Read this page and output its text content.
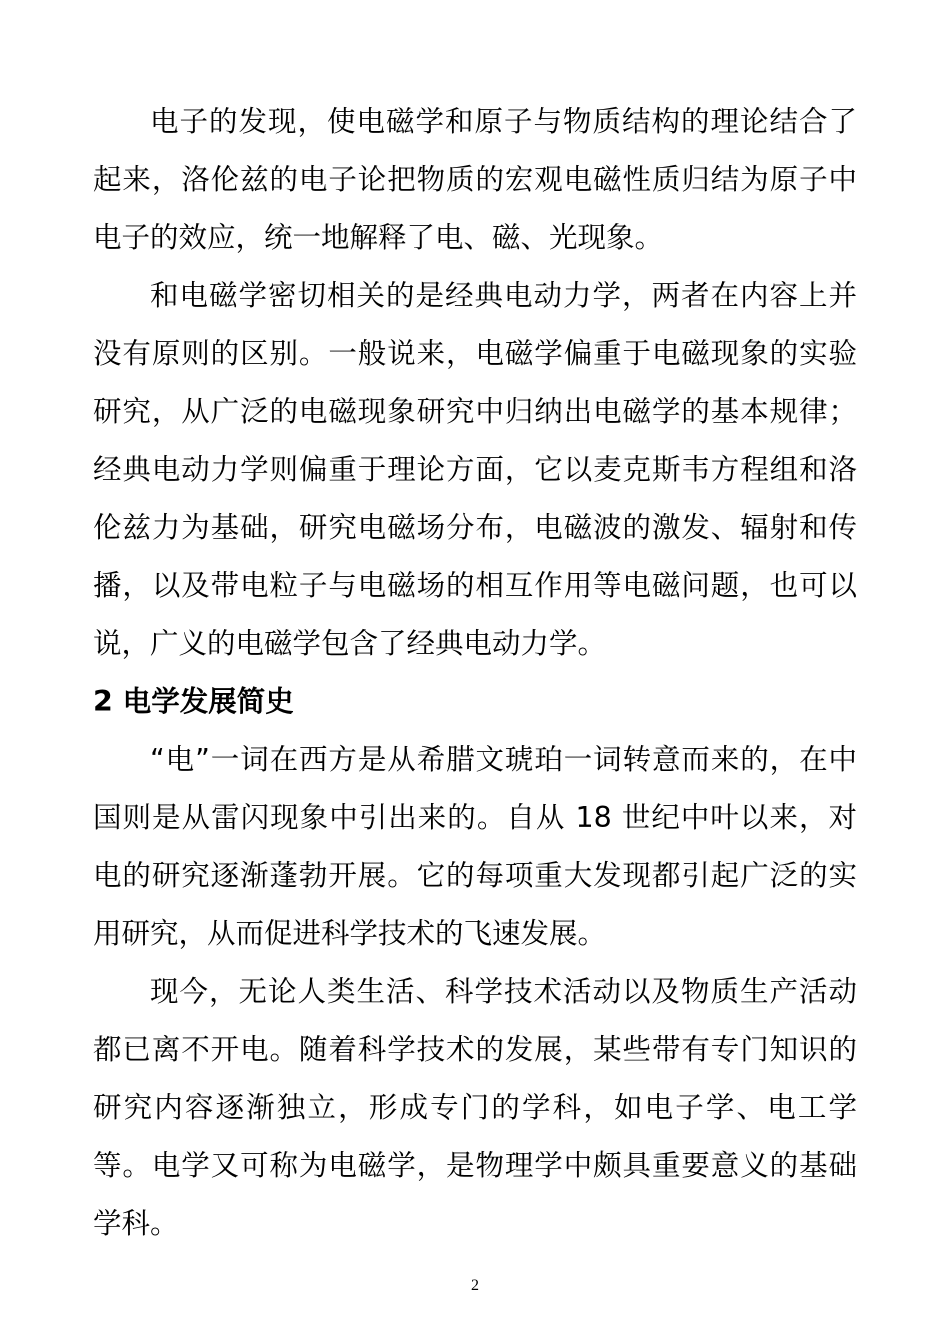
电子的发现，使电磁学和原子与物质结构的理论结合了起来，洛伦兹的电子论把物质的宏观电磁性质归结为原子中电子的效应，统一地解释了电、磁、光现象。

和电磁学密切相关的是经典电动力学，两者在内容上并没有原则的区别。一般说来，电磁学偏重于电磁现象的实验研究，从广泛的电磁现象研究中归纳出电磁学的基本规律；经典电动力学则偏重于理论方面，它以麦克斯韦方程组和洛伦兹力为基础，研究电磁场分布，电磁波的激发、辐射和传播，以及带电粒子与电磁场的相互作用等电磁问题，也可以说，广义的电磁学包含了经典电动力学。

2 电学发展简史

“电”一词在西方是从希腊文琥珀一词转意而来的，在中国则是从雷闪现象中引出来的。自从 18 世纪中叶以来，对电的研究逐渐蓬勃开展。它的每项重大发现都引起广泛的实用研究，从而促进科学技术的飞速发展。

现今，无论人类生活、科学技术活动以及物质生产活动都已离不开电。随着科学技术的发展，某些带有专门知识的研究内容逐渐独立，形成专门的学科，如电子学、电工学等。电学又可称为电磁学，是物理学中颇具重要意义的基础学科。

2
